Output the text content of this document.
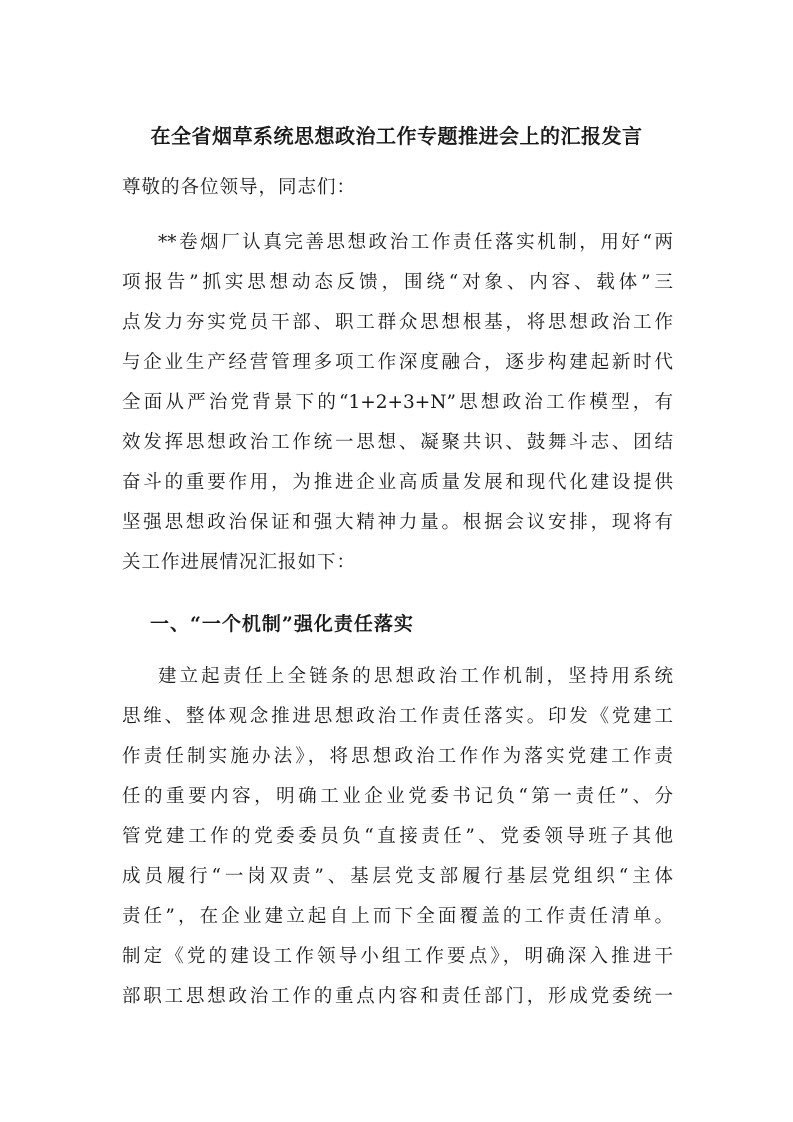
在全省烟草系统思想政治工作专题推进会上的汇报发言
尊敬的各位领导，同志们：
**卷烟厂认真完善思想政治工作责任落实机制，用好“两
项报告”抓实思想动态反馈，围绕“对象、内容、载体”三
点发力夯实党员干部、职工群众思想根基，将思想政治工作
与企业生产经营管理多项工作深度融合，逐步构建起新时代
全面从严治党背景下的“1+2+3+N”思想政治工作模型，有
效发挥思想政治工作统一思想、凝聚共识、鼓舞斗志、团结
奋斗的重要作用，为推进企业高质量发展和现代化建设提供
坚强思想政治保证和强大精神力量。根据会议安排，现将有
关工作进展情况汇报如下：
一、“一个机制”强化责任落实
建立起责任上全链条的思想政治工作机制，坚持用系统
思维、整体观念推进思想政治工作责任落实。印发《党建工
作责任制实施办法》，将思想政治工作作为落实党建工作责
任的重要内容，明确工业企业党委书记负“第一责任”、分
管党建工作的党委委员负“直接责任”、党委领导班子其他
成员履行“一岗双责”、基层党支部履行基层党组织“主体
责任”，在企业建立起自上而下全面覆盖的工作责任清单。
制定《党的建设工作领导小组工作要点》，明确深入推进干
部职工思想政治工作的重点内容和责任部门，形成党委统一
